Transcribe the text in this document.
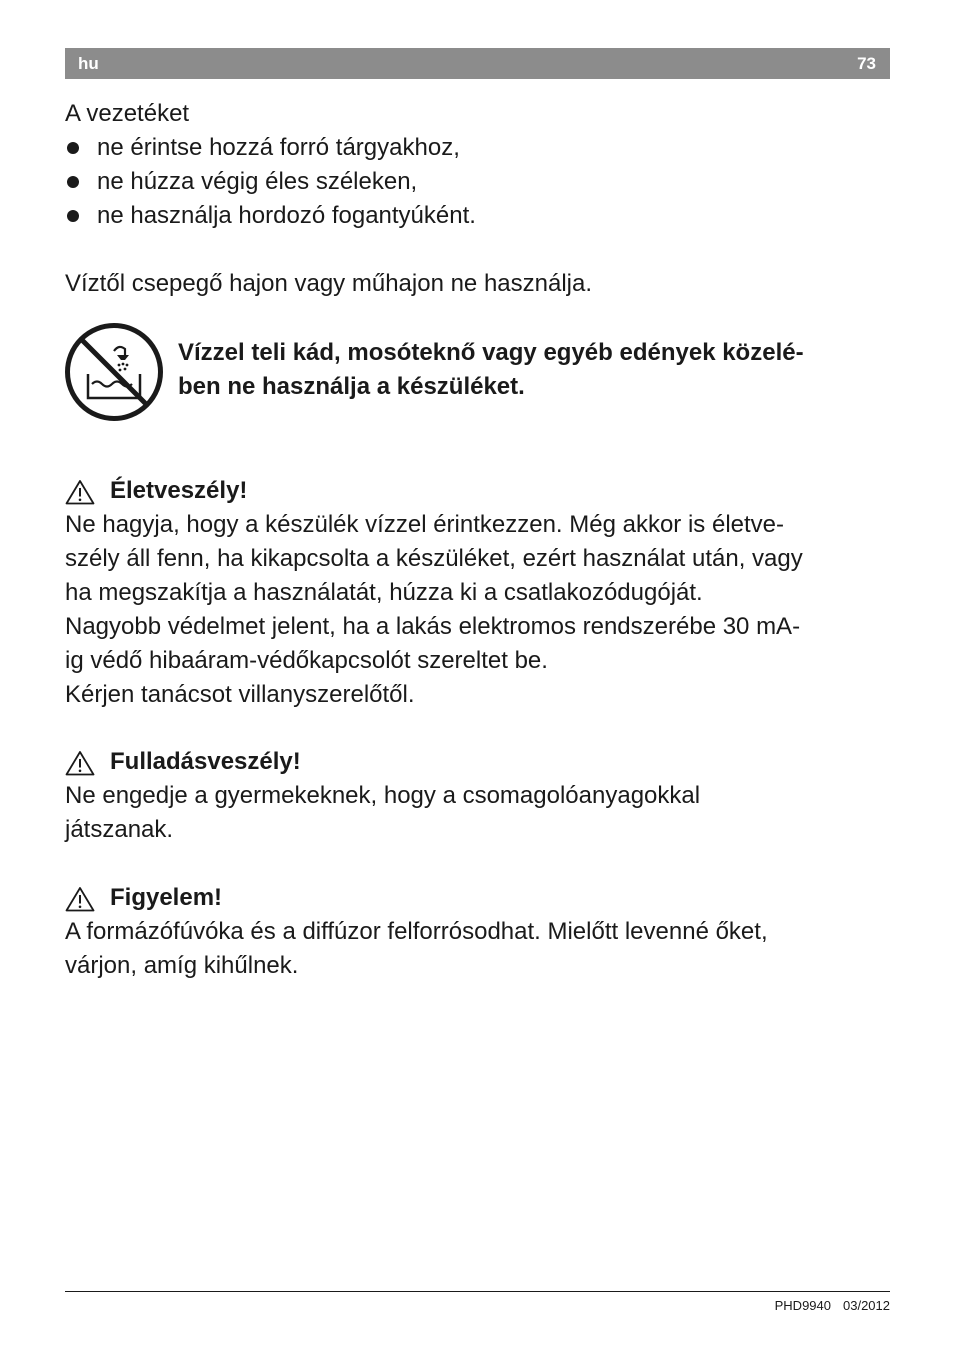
hu	73
A vezetéket
ne érintse hozzá forró tárgyakhoz,
ne húzza végig éles széleken,
ne használja hordozó fogantyúként.
Víztől csepegő hajon vagy műhajon ne használja.
Vízzel teli kád, mosóteknő vagy egyéb edények közelé-
ben ne használja a készüléket.
Életveszély!
Ne hagyja, hogy a készülék vízzel érintkezzen. Még akkor is életve-
szély áll fenn, ha kikapcsolta a készüléket, ezért használat után, vagy
ha megszakítja a használatát, húzza ki a csatlakozódugóját.
Nagyobb védelmet jelent, ha a lakás elektromos rendszerébe 30 mA-
ig védő hibaáram-védőkapcsolót szereltet be.
Kérjen tanácsot villanyszerelőtől.
Fulladásveszély!
Ne engedje a gyermekeknek, hogy a csomagolóanyagokkal
játszanak.
Figyelem!
A formázófúvóka és a diffúzor felforrósodhat. Mielőtt levenné őket,
várjon, amíg kihűlnek.
PHD9940 03/2012
